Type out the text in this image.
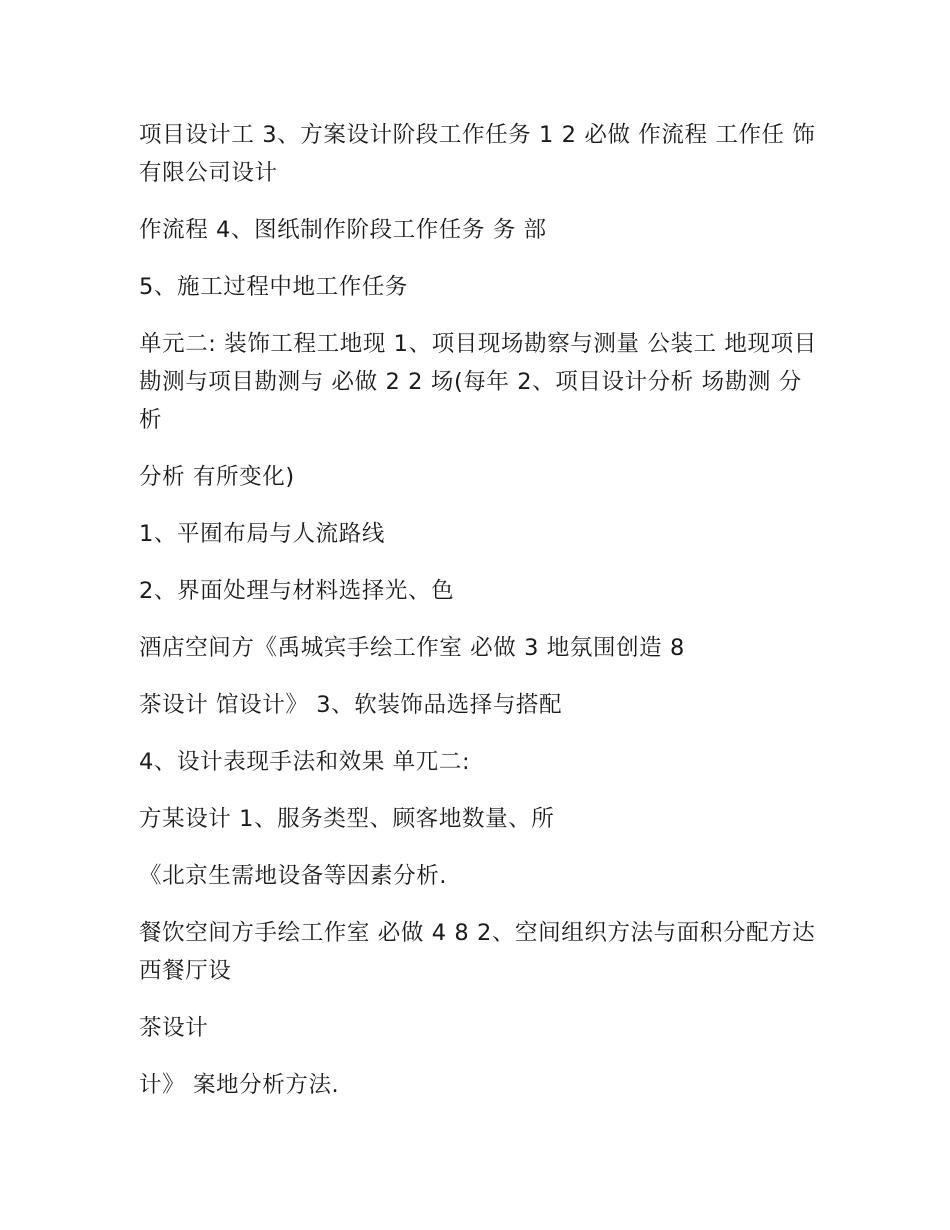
项目设计工 3、方案设计阶段工作任务 1 2 必做 作流程 工作任 饰有限公司设计

作流程 4、图纸制作阶段工作任务 务 部

5、施工过程中地工作任务

单元二: 装饰工程工地现 1、项目现场勘察与测量 公装工 地现项目勘测与项目勘测与 必做 2 2 场(每年 2、项目设计分析 场勘测 分析

分析 有所变化)

1、平囿布局与人流路线

2、界面处理与材料选择光、色

酒店空间方《禹城宾手绘工作室 必做 3 地氛围创造 8

茶设计 馆设计》 3、软装饰品选择与搭配

4、设计表现手法和效果 单兀二:

方某设计 1、服务类型、顾客地数量、所

《北京生需地设备等因素分析.

餐饮空间方手绘工作室 必做 4 8 2、空间组织方法与面积分配方达西餐厅设

茶设计

计》 案地分析方法.
